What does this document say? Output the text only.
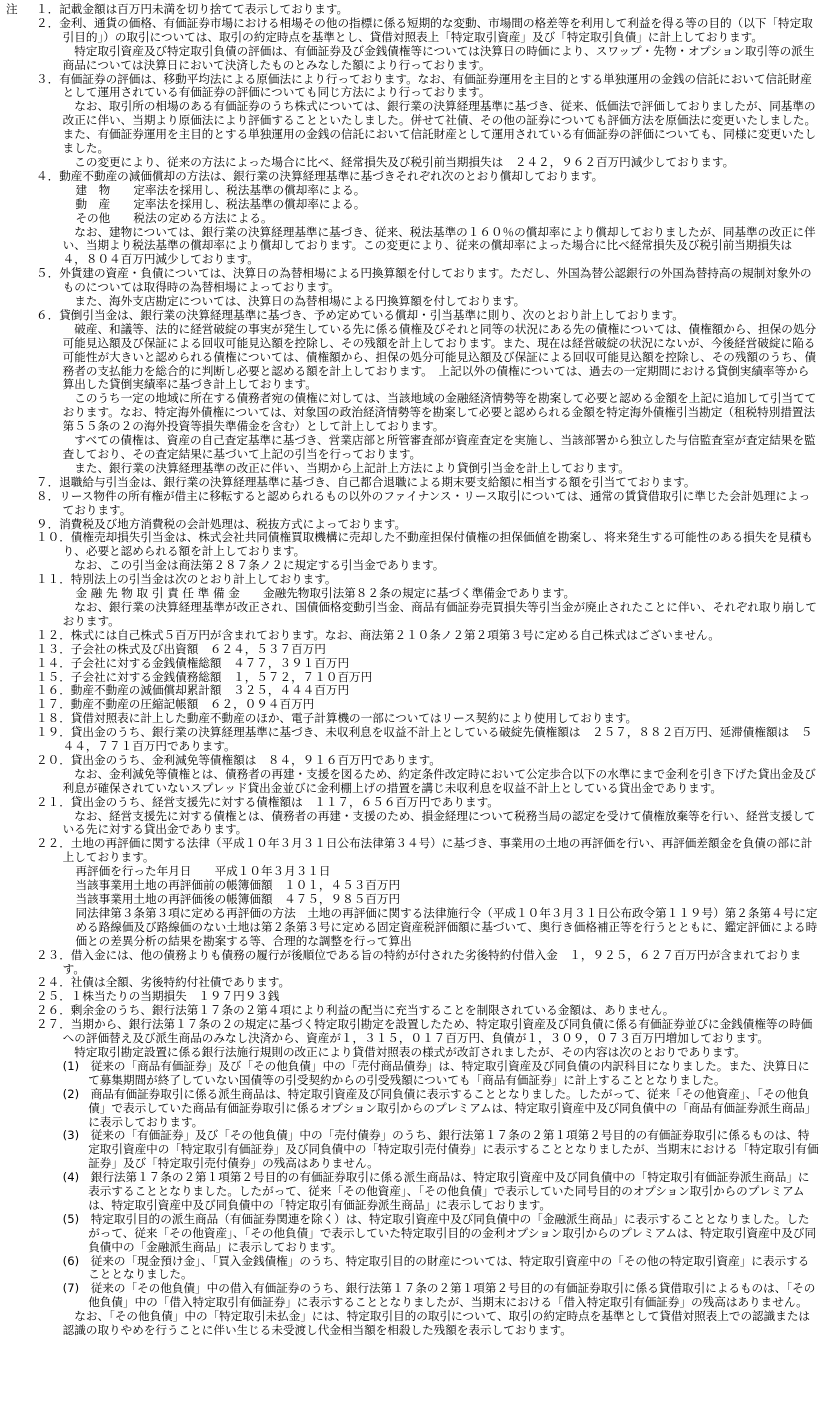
注	１．記載金額は百万円未満を切り捨てて表示しております。
２．金利、通貨の価格、有価証券市場における相場その他の指標に係る短期的な変動、市場間の格差等を利用して利益を得る等の目的（以下「特定取引目的」）の取引については、取引の約定時点を基準とし、貸借対照表上「特定取引資産」及び「特定取引負債」に計上しております。
特定取引資産及び特定取引負債の評価は、有価証券及び金銭債権等については決算日の時価により、スワップ・先物・オプション取引等の派生商品については決算日において決済したものとみなした額により行っております。
３．有価証券の評価は、移動平均法による原価法により行っております。なお、有価証券運用を主目的とする単独運用の金銭の信託において信託財産として運用されている有価証券の評価についても同じ方法により行っております。
なお、取引所の相場のある有価証券のうち株式については、銀行業の決算経理基準に基づき、従来、低価法で評価しておりましたが、同基準の改正に伴い、当期より原価法により評価することといたしました。併せて社債、その他の証券についても評価方法を原価法に変更いたしました。また、有価証券運用を主目的とする単独運用の金銭の信託において信託財産として運用されている有価証券の評価についても、同様に変更いたしました。
この変更により、従来の方法によった場合に比べ、経常損失及び税引前当期損失は　２４２，９６２百万円減少しております。
４．動産不動産の減価償却の方法は、銀行業の決算経理基準に基づきそれぞれ次のとおり償却しております。
建　物　　定率法を採用し、税法基準の償却率による。
動　産　　定率法を採用し、税法基準の償却率による。
その他　　税法の定める方法による。
なお、建物については、銀行業の決算経理基準に基づき、従来、税法基準の１６０％の償却率により償却しておりましたが、同基準の改正に伴い、当期より税法基準の償却率により償却しております。この変更により、従来の償却率によった場合に比べ経常損失及び税引前当期損失は　４，８０４百万円減少しております。
５．外貨建の資産・負債については、決算日の為替相場による円換算額を付しております。ただし、外国為替公認銀行の外国為替持高の規制対象外のものについては取得時の為替相場によっております。
また、海外支店勘定については、決算日の為替相場による円換算額を付しております。
６．貸倒引当金は、銀行業の決算経理基準に基づき、予め定めている償却・引当基準に則り、次のとおり計上しております。
破産、和議等、法的に経営破綻の事実が発生している先に係る債権及びそれと同等の状況にある先の債権については、債権額から、担保の処分可能見込額及び保証による回収可能見込額を控除し、その残額を計上しております。また、現在は経営破綻の状況にないが、今後経営破綻に陥る可能性が大きいと認められる債権については、債権額から、担保の処分可能見込額及び保証による回収可能見込額を控除し、その残額のうち、債務者の支払能力を総合的に判断し必要と認める額を計上しております。　上記以外の債権については、過去の一定期間における貸倒実績率等から算出した貸倒実績率に基づき計上しております。
このうち一定の地域に所在する債務者宛の債権に対しては、当該地域の金融経済情勢等を勘案して必要と認める金額を上記に追加して引当てております。なお、特定海外債権については、対象国の政治経済情勢等を勘案して必要と認められる金額を特定海外債権引当勘定（租税特別措置法第５５条の２の海外投資等損失準備金を含む）として計上しております。
すべての債権は、資産の自己査定基準に基づき、営業店部と所管審査部が資産査定を実施し、当該部署から独立した与信監査室が査定結果を監査しており、その査定結果に基づいて上記の引当を行っております。
また、銀行業の決算経理基準の改正に伴い、当期から上記計上方法により貸倒引当金を計上しております。
７．退職給与引当金は、銀行業の決算経理基準に基づき、自己都合退職による期末要支給額に相当する額を引当てております。
８．リース物件の所有権が借主に移転すると認められるもの以外のファイナンス・リース取引については、通常の賃貸借取引に準じた会計処理によっております。
９．消費税及び地方消費税の会計処理は、税抜方式によっております。
１０．債権売却損失引当金は、株式会社共同債権買取機構に売却した不動産担保付債権の担保価値を勘案し、将来発生する可能性のある損失を見積もり、必要と認められる額を計上しております。
なお、この引当金は商法第２８７条ノ２に規定する引当金であります。
１１．特別法上の引当金は次のとおり計上しております。
金 融 先 物 取 引 責 任 準 備 金　　金融先物取引法第８２条の規定に基づく準備金であります。
なお、銀行業の決算経理基準が改正され、国債価格変動引当金、商品有価証券売買損失等引当金が廃止されたことに伴い、それぞれ取り崩しております。
１２．株式には自己株式５百万円が含まれております。なお、商法第２１０条ノ２第２項第３号に定める自己株式はございません。
１３．子会社の株式及び出資額　６２４，５３７百万円
１４．子会社に対する金銭債権総額　４７７，３９１百万円
１５．子会社に対する金銭債務総額　１，５７２，７１０百万円
１６．動産不動産の減価償却累計額　３２５，４４４百万円
１７．動産不動産の圧縮記帳額　６２，０９４百万円
１８．貸借対照表に計上した動産不動産のほか、電子計算機の一部についてはリース契約により使用しております。
１９．貸出金のうち、銀行業の決算経理基準に基づき、未収利息を収益不計上としている破綻先債権額は　２５７，８８２百万円、延滞債権額は　５４４，７７１百万円であります。
２０．貸出金のうち、金利減免等債権額は　８４，９１６百万円であります。
なお、金利減免等債権とは、債務者の再建・支援を図るため、約定条件改定時において公定歩合以下の水準にまで金利を引き下げた貸出金及び利息が確保されていないスプレッド貸出金並びに金利棚上げの措置を講じ未収利息を収益不計上としている貸出金であります。
２１．貸出金のうち、経営支援先に対する債権額は　１１７，６５６百万円であります。
なお、経営支援先に対する債権とは、債務者の再建・支援のため、損金経理について税務当局の認定を受けて債権放棄等を行い、経営支援している先に対する貸出金であります。
２２．土地の再評価に関する法律（平成１０年３月３１日公布法律第３４号）に基づき、事業用の土地の再評価を行い、再評価差額金を負債の部に計上しております。
再評価を行った年月日　　平成１０年３月３１日
当該事業用土地の再評価前の帳簿価額　１０１，４５３百万円
当該事業用土地の再評価後の帳簿価額　４７５，９８５百万円
同法律第３条第３項に定める再評価の方法　土地の再評価に関する法律施行令（平成１０年３月３１日公布政令第１１９号）第２条第４号に定める路線価及び路線価のない土地は第２条第３号に定める固定資産税評価額に基づいて、奥行き価格補正等を行うとともに、鑑定評価による時価との差異分析の結果を勘案する等、合理的な調整を行って算出
２３．借入金には、他の債務よりも債務の履行が後順位である旨の特約が付された劣後特約付借入金　１，９２５，６２７百万円が含まれております。
２４．社債は全額、劣後特約付社債であります。
２５．１株当たりの当期損失　１９７円９３銭
２６．剰余金のうち、銀行法第１７条の２第４項により利益の配当に充当することを制限されている金額は、ありません。
２７．当期から、銀行法第１７条の２の規定に基づく特定取引勘定を設置したため、特定取引資産及び同負債に係る有価証券並びに金銭債権等の時価への評価替え及び派生商品のみなし決済から、資産が１，３１５，０１７百万円、負債が１，３０９，０７３百万円増加しております。
特定取引勘定設置に係る銀行法施行規則の改正により貸借対照表の様式が改訂されましたが、その内容は次のとおりであります。
(1)　従来の「商品有価証券」及び「その他負債」中の「売付商品債券」は、特定取引資産及び同負債の内訳科目になりました。また、決算日にて募集期間が終了していない国債等の引受契約からの引受残額についても「商品有価証券」に計上することとなりました。
(2)　商品有価証券取引に係る派生商品は、特定取引資産及び同負債に表示することとなりました。したがって、従来「その他資産」、「その他負債」で表示していた商品有価証券取引に係るオプション取引からのプレミアムは、特定取引資産中及び同負債中の「商品有価証券派生商品」に表示しております。
(3)　従来の「有価証券」及び「その他負債」中の「売付債券」のうち、銀行法第１７条の２第１項第２号目的の有価証券取引に係るものは、特定取引資産中の「特定取引有価証券」及び同負債中の「特定取引売付債券」に表示することとなりましたが、当期末における「特定取引有価証券」及び「特定取引売付債券」の残高はありません。
(4)　銀行法第１７条の２第１項第２号目的の有価証券取引に係る派生商品は、特定取引資産中及び同負債中の「特定取引有価証券派生商品」に表示することとなりました。したがって、従来「その他資産」、「その他負債」で表示していた同号目的のオプション取引からのプレミアムは、特定取引資産中及び同負債中の「特定取引有価証券派生商品」に表示しております。
(5)　特定取引目的の派生商品（有価証券関連を除く）は、特定取引資産中及び同負債中の「金融派生商品」に表示することとなりました。したがって、従来「その他資産」、「その他負債」で表示していた特定取引目的の金利オプション取引からのプレミアムは、特定取引資産中及び同負債中の「金融派生商品」に表示しております。
(6)　従来の「現金預け金」、「買入金銭債権」のうち、特定取引目的の財産については、特定取引資産中の「その他の特定取引資産」に表示することとなりました。
(7)　従来の「その他負債」中の借入有価証券のうち、銀行法第１７条の２第１項第２号目的の有価証券取引に係る貸借取引によるものは、「その他負債」中の「借入特定取引有価証券」に表示することとなりましたが、当期末における「借入特定取引有価証券」の残高はありません。
なお、「その他負債」中の「特定取引未払金」には、特定取引目的の取引について、取引の約定時点を基準として貸借対照表上での認識または認識の取りやめを行うことに伴い生じる未受渡し代金相当額を相殺した残額を表示しております。
